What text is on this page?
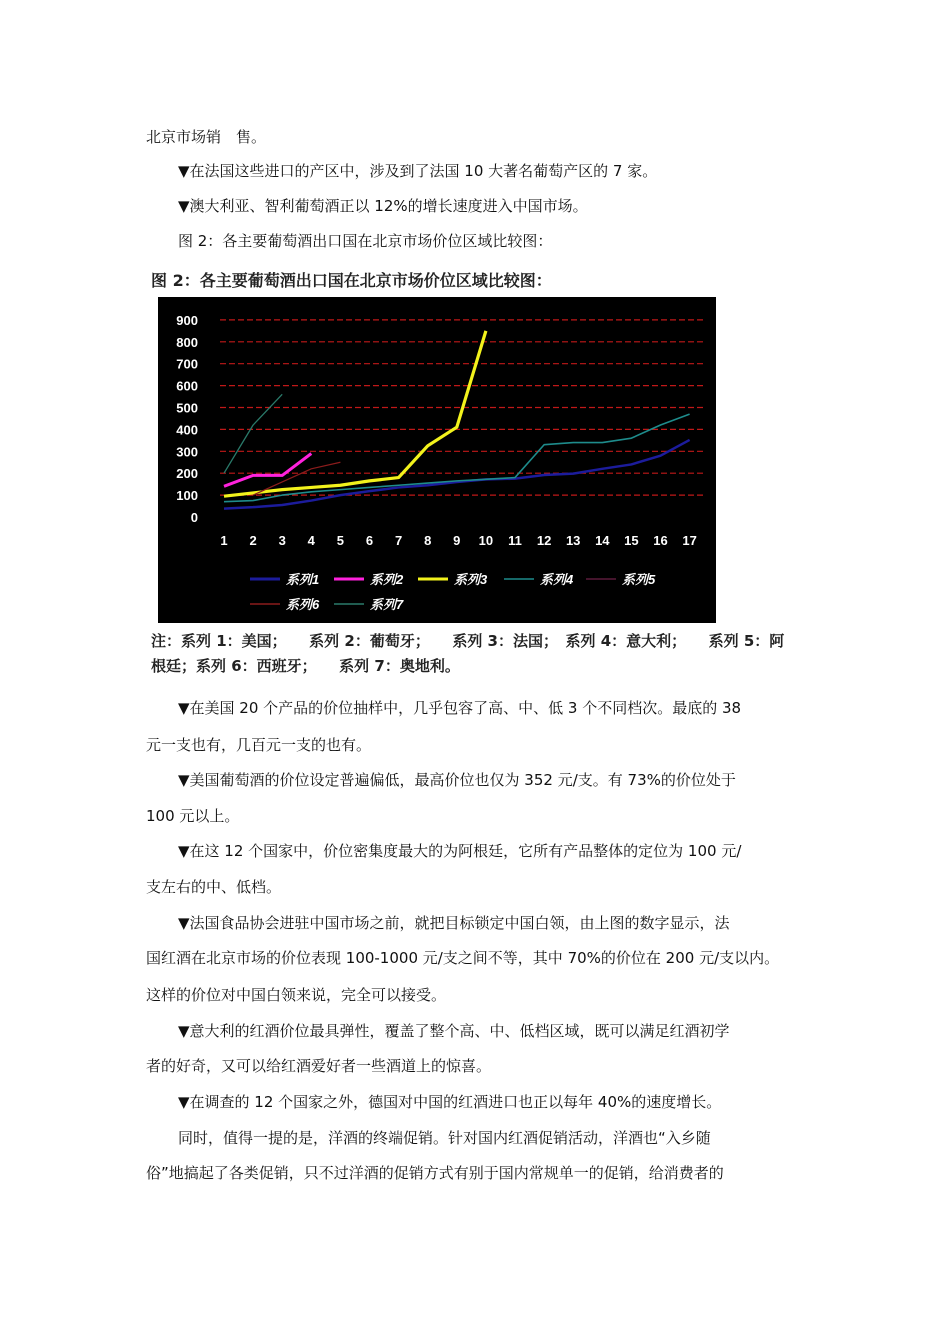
北京市场销　售。
▼在法国这些进口的产区中，涉及到了法国 10 大著名葡萄产区的 7 家。
▼澳大利亚、智利葡萄酒正以 12%的增长速度进入中国市场。
图 2：各主要葡萄酒出口国在北京市场价位区域比较图：
图 2：各主要葡萄酒出口国在北京市场价位区域比较图：
0
100
200
300
400
500
600
700
800
900
1 2 3 4 5 6 7 8 9 10 11 12 13 14 15 16 17
系列1	系列2	系列3	系列4	系列5
系列6	系列7
注：系列 1：美国；　　系列 2：葡萄牙；　　系列 3：法国；　系列 4：意大利；　　系列 5：阿
根廷；系列 6：西班牙；　　系列 7：奥地利。
▼在美国 20 个产品的价位抽样中，几乎包容了高、中、低 3 个不同档次。最底的 38
元一支也有，几百元一支的也有。
▼美国葡萄酒的价位设定普遍偏低，最高价位也仅为 352 元/支。有 73%的价位处于
100 元以上。
▼在这 12 个国家中，价位密集度最大的为阿根廷，它所有产品整体的定位为 100 元/
支左右的中、低档。
▼法国食品协会进驻中国市场之前，就把目标锁定中国白领，由上图的数字显示，法
国红酒在北京市场的价位表现 100-1000 元/支之间不等，其中 70%的价位在 200 元/支以内。
这样的价位对中国白领来说，完全可以接受。
▼意大利的红酒价位最具弹性，覆盖了整个高、中、低档区域，既可以满足红酒初学
者的好奇，又可以给红酒爱好者一些酒道上的惊喜。
▼在调查的 12 个国家之外，德国对中国的红酒进口也正以每年 40%的速度增长。
同时，值得一提的是，洋酒的终端促销。针对国内红酒促销活动，洋酒也“入乡随
俗”地搞起了各类促销，只不过洋酒的促销方式有别于国内常规单一的促销，给消费者的
